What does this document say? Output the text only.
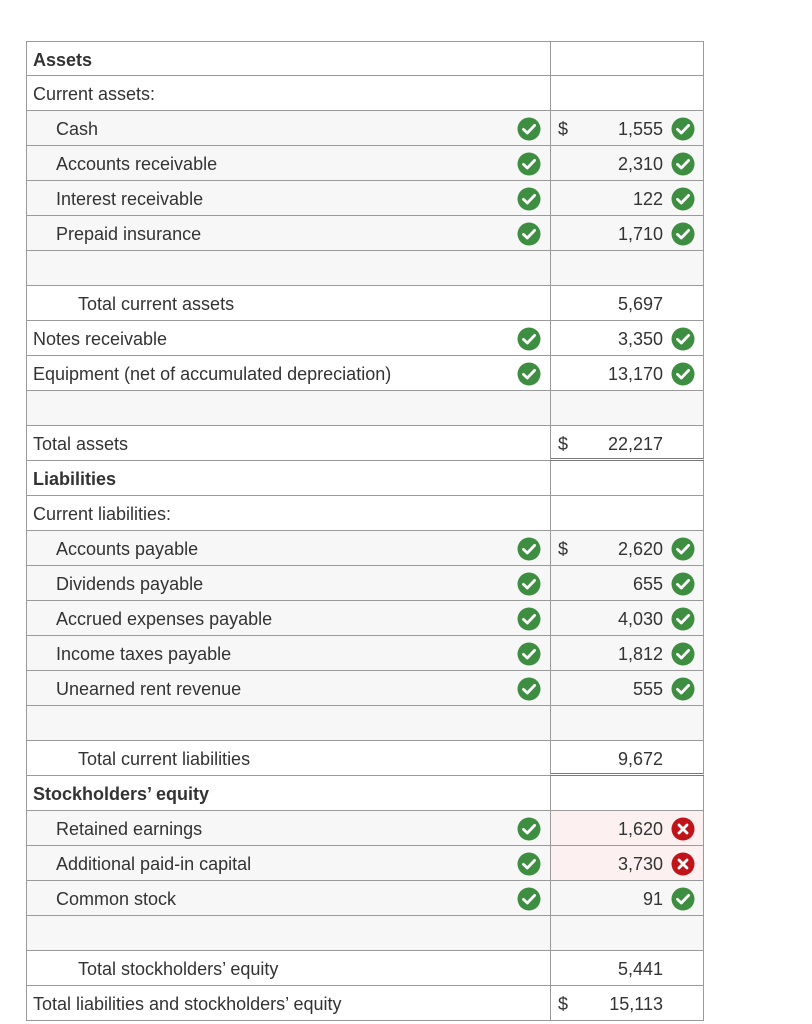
Assets
Current assets:
Cash	$	1,555
Accounts receivable	2,310
Interest receivable	122
Prepaid insurance	1,710
Total current assets	5,697
Notes receivable	3,350
Equipment (net of accumulated depreciation)	13,170
Total assets	$ 22,217
Liabilities
Current liabilities:
Accounts payable	$	2,620
Dividends payable	655
Accrued expenses payable	4,030
Income taxes payable	1,812
Unearned rent revenue	555
Total current liabilities	9,672
Stockholders’ equity
Retained earnings	1,620
Additional paid-in capital	3,730
Common stock	91
Total stockholders’ equity	5,441
Total liabilities and stockholders’ equity	$ 15,113
